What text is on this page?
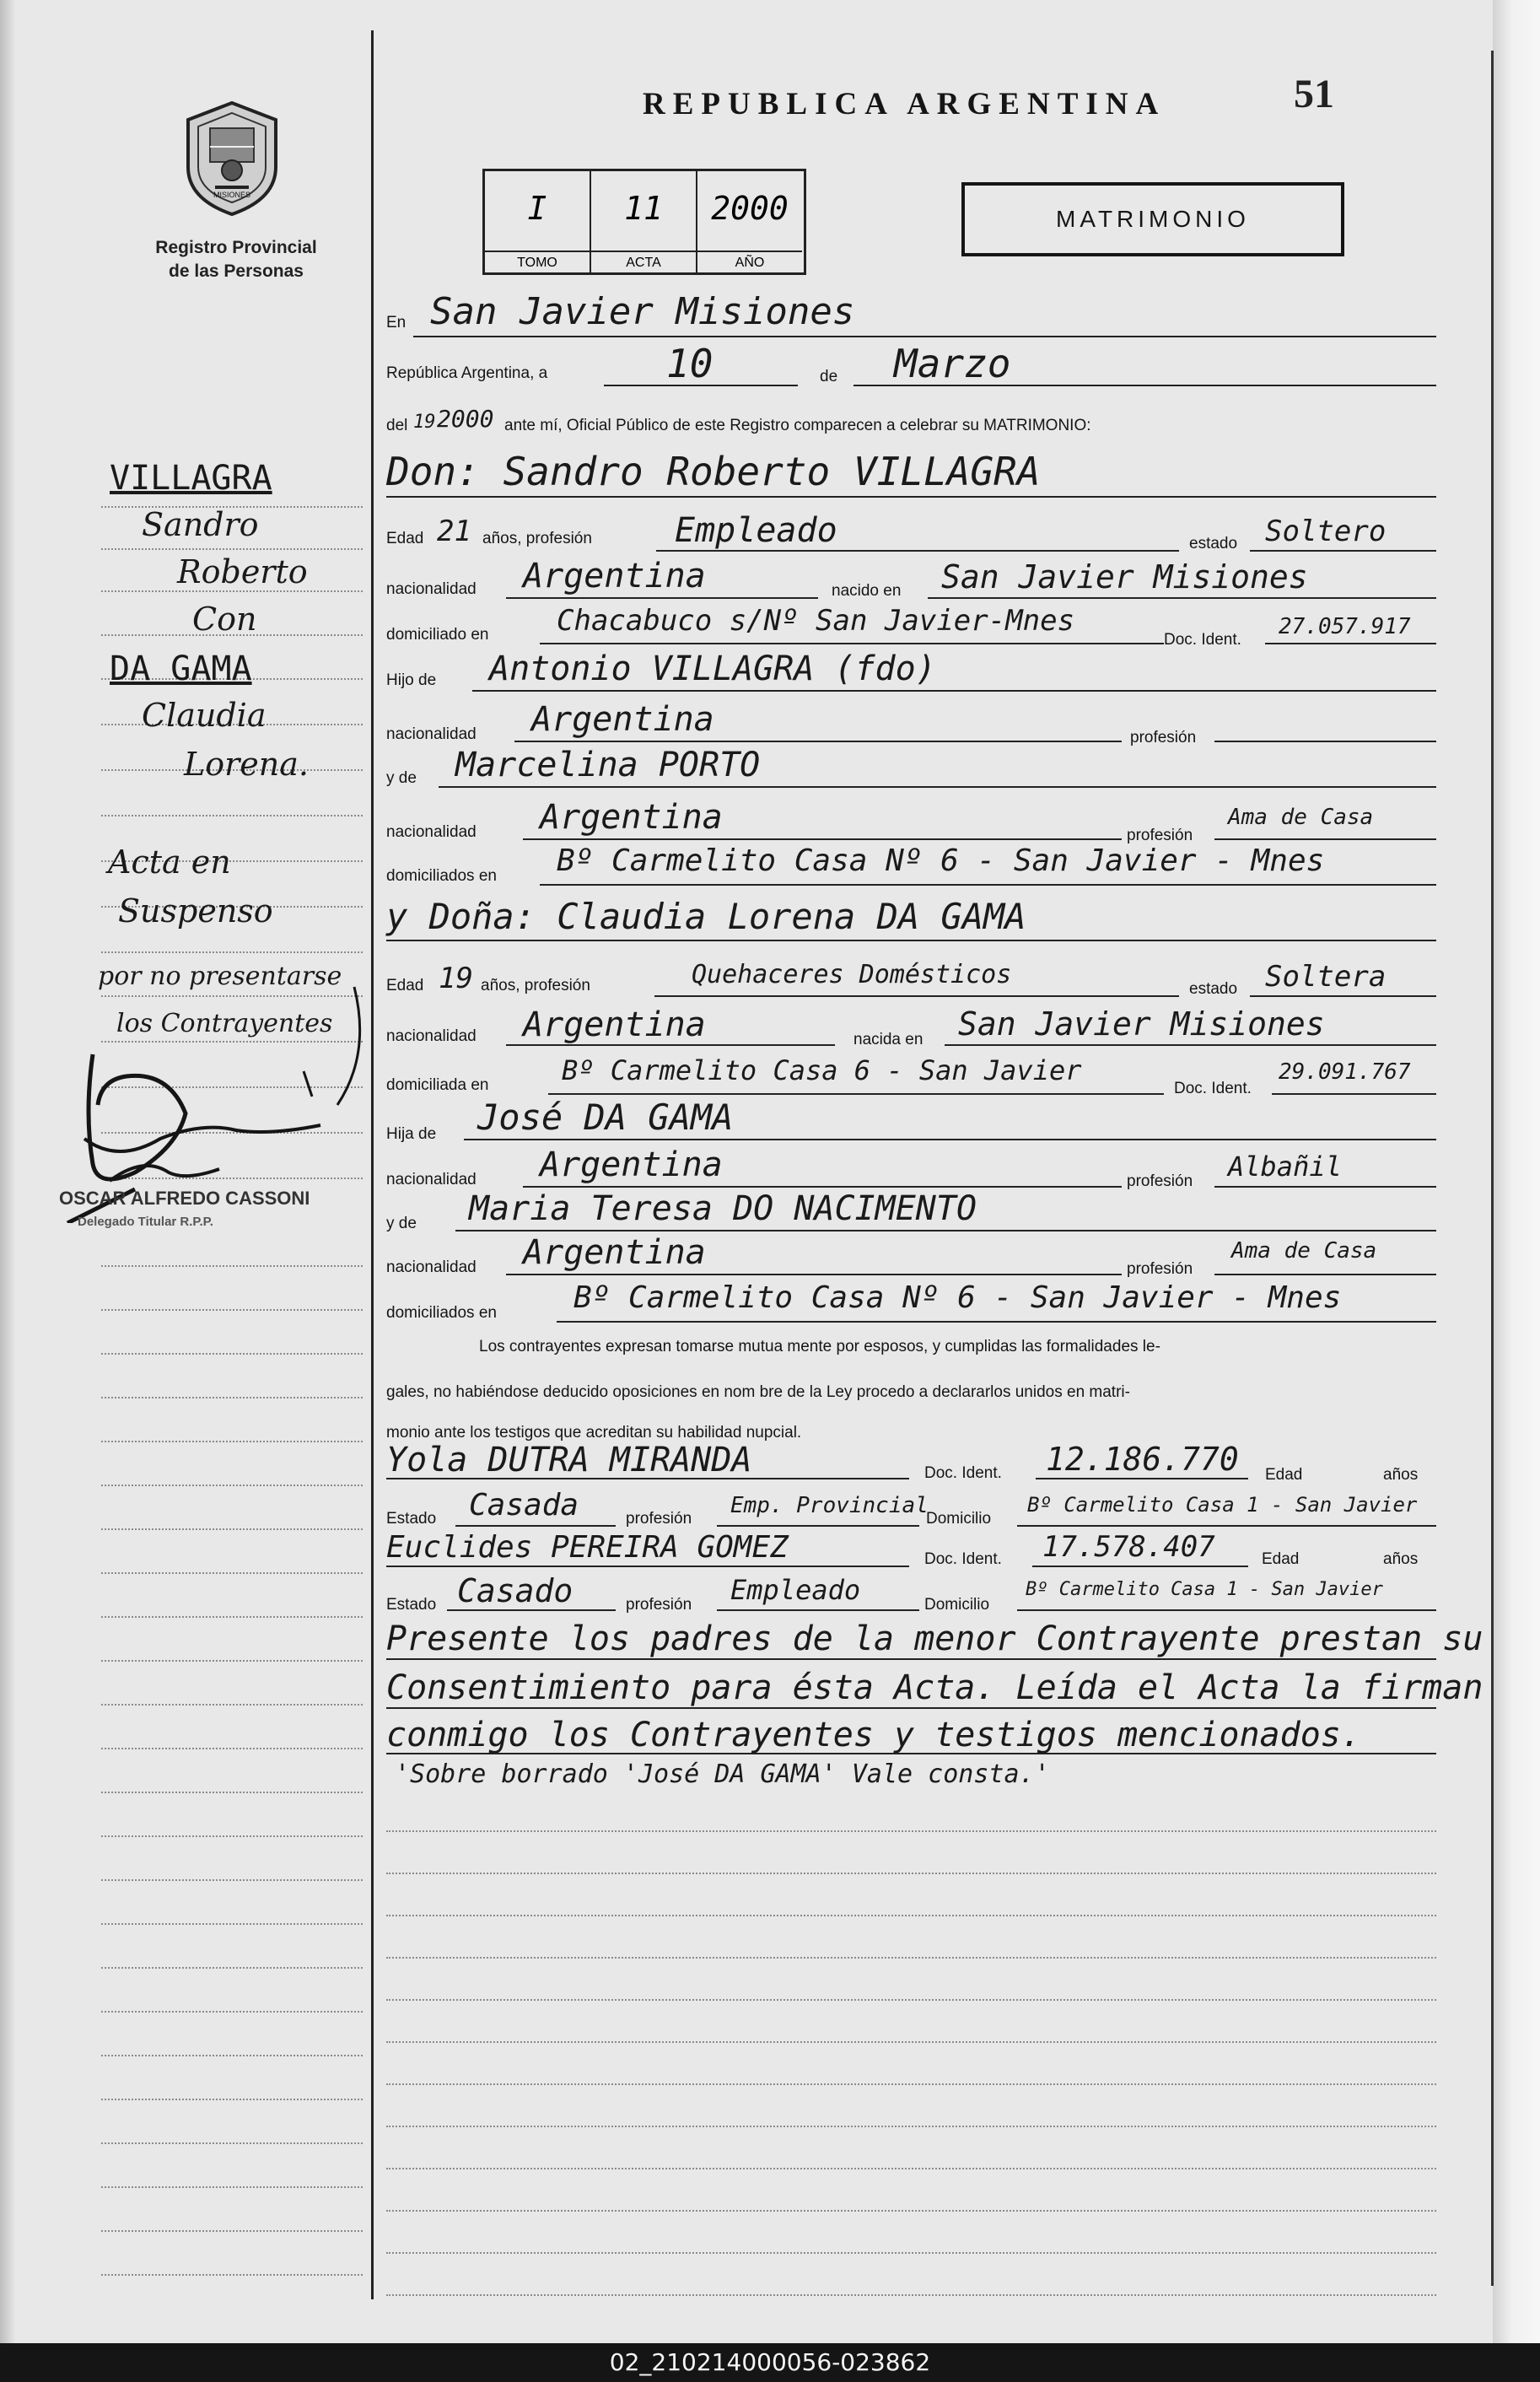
MISIONES
Registro Provincial
de las Personas
REPUBLICA ARGENTINA	51
I
TOMO
11
ACTA
2000
AÑO
MATRIMONIO
En San Javier Misiones
República Argentina, a	10	de Marzo
del 19 2000 ante mí, Oficial Público de este Registro comparecen a celebrar su MATRIMONIO:
Don: Sandro Roberto VILLAGRA
Edad 21 años, profesión Empleado	estado Soltero
nacionalidad Argentina	nacido en San Javier Misiones
domiciliado en Chacabuco s/Nº San Javier-Mnes
Doc. Ident.
27.057.917
Hijo de Antonio VILLAGRA (fdo)
nacionalidad Argentina	profesión
y de Marcelina PORTO
nacionalidad Argentina	profesión
Ama de Casa
domiciliados en Bº Carmelito Casa Nº 6 - San Javier - Mnes
y Doña: Claudia Lorena DA GAMA
Edad 19 años, profesión	Quehaceres Domésticos	estado Soltera
nacionalidad Argentina	nacida en San Javier Misiones
domiciliada en	Bº Carmelito Casa 6 - San Javier
Doc. Ident.
29.091.767
Hija de José DA GAMA
nacionalidad Argentina	profesión Albañil
y de Maria Teresa DO NACIMENTO
nacionalidad Argentina	profesión
Ama de Casa
domiciliados en	Bº Carmelito Casa Nº 6 - San Javier - Mnes
Los contrayentes expresan tomarse mutua mente por esposos, y cumplidas las formalidades le-
gales, no habiéndose deducido oposiciones en nom bre de la Ley procedo a declararlos unidos en matri-
monio ante los testigos que acreditan su habilidad nupcial.
Yola DUTRA MIRANDA	Doc. Ident. 12.186.770 Edad	años
Estado Casada	profesión
Emp. Provincial
Domicilio
Bº Carmelito Casa 1 - San Javier
Euclides PEREIRA GOMEZ	Doc. Ident. 17.578.407	Edad	años
Estado Casado	profesión Empleado	Domicilio
Bº Carmelito Casa 1 - San Javier
Presente los padres de la menor Contrayente prestan su
Consentimiento para ésta Acta. Leída el Acta la firman
conmigo los Contrayentes y testigos mencionados.
'Sobre borrado 'José DA GAMA' Vale consta.'
VILLAGRA
Sandro
Roberto
Con
DA GAMA
Claudia
Lorena.
Acta en
Suspenso
por no presentarse
los Contrayentes
OSCAR ALFREDO CASSONI
Delegado Titular R.P.P.
02_210214000056-023862
